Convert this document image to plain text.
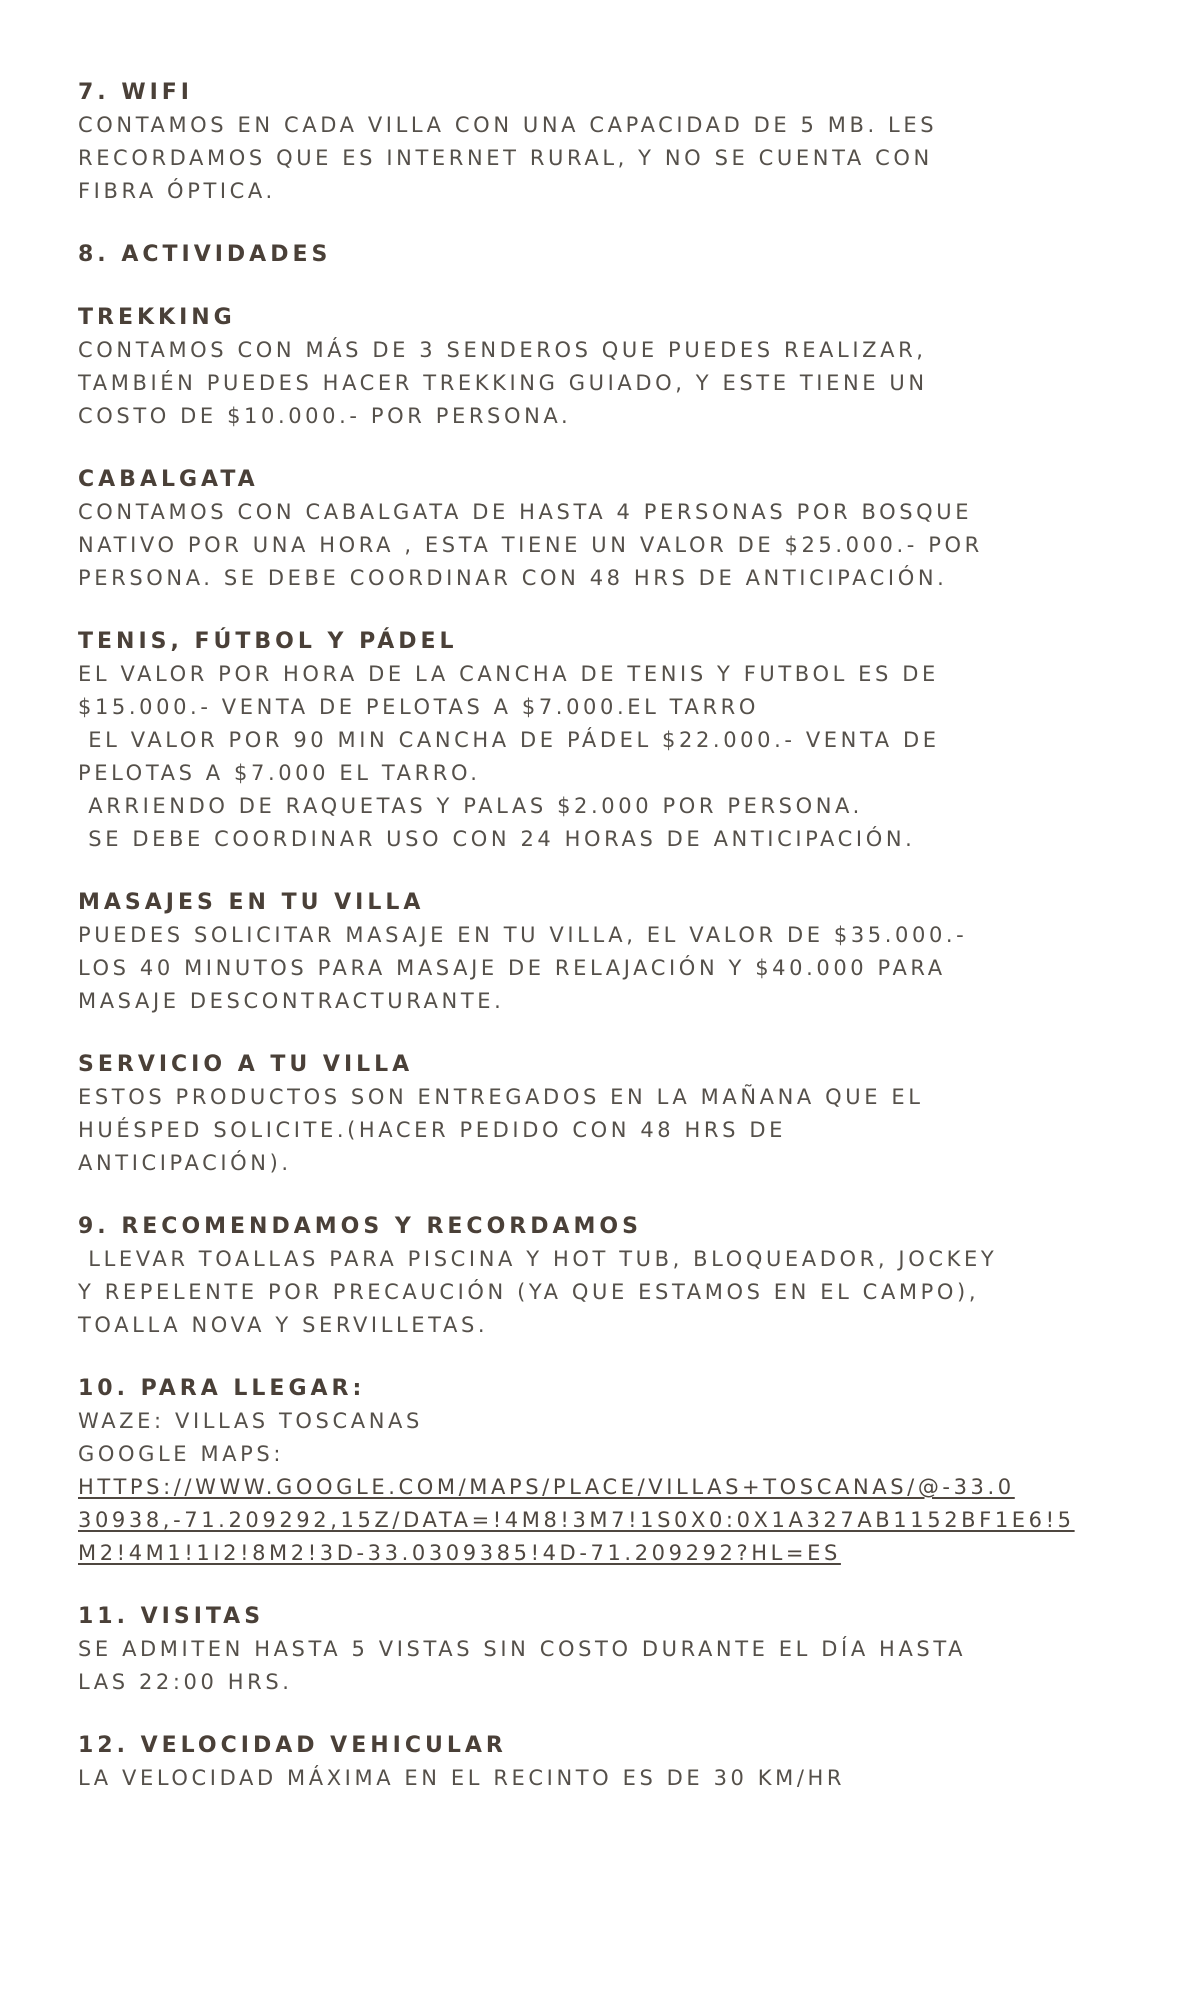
7. WIFI
CONTAMOS EN CADA VILLA CON UNA CAPACIDAD DE 5 MB. LES
RECORDAMOS QUE ES INTERNET RURAL, Y NO SE CUENTA CON
FIBRA ÓPTICA.
8. ACTIVIDADES
TREKKING
CONTAMOS CON MÁS DE 3 SENDEROS QUE PUEDES REALIZAR,
TAMBIÉN PUEDES HACER TREKKING GUIADO, Y ESTE TIENE UN
COSTO DE $10.000.- POR PERSONA.
CABALGATA
CONTAMOS CON CABALGATA DE HASTA 4 PERSONAS POR BOSQUE
NATIVO POR UNA HORA , ESTA TIENE UN VALOR DE $25.000.- POR
PERSONA. SE DEBE COORDINAR CON 48 HRS DE ANTICIPACIÓN.
TENIS, FÚTBOL Y PÁDEL
EL VALOR POR HORA DE LA CANCHA DE TENIS Y FUTBOL ES DE
$15.000.- VENTA DE PELOTAS A $7.000.EL TARRO
EL VALOR POR 90 MIN CANCHA DE PÁDEL $22.000.- VENTA DE
PELOTAS A $7.000 EL TARRO.
ARRIENDO DE RAQUETAS Y PALAS $2.000 POR PERSONA.
SE DEBE COORDINAR USO CON 24 HORAS DE ANTICIPACIÓN.
MASAJES EN TU VILLA
PUEDES SOLICITAR MASAJE EN TU VILLA, EL VALOR DE $35.000.-
LOS 40 MINUTOS PARA MASAJE DE RELAJACIÓN Y $40.000 PARA
MASAJE DESCONTRACTURANTE.
SERVICIO A TU VILLA
ESTOS PRODUCTOS SON ENTREGADOS EN LA MAÑANA QUE EL
HUÉSPED SOLICITE.(HACER PEDIDO CON 48 HRS DE
ANTICIPACIÓN).
9. RECOMENDAMOS Y RECORDAMOS
LLEVAR TOALLAS PARA PISCINA Y HOT TUB, BLOQUEADOR, JOCKEY
Y REPELENTE POR PRECAUCIÓN (YA QUE ESTAMOS EN EL CAMPO),
TOALLA NOVA Y SERVILLETAS.
10. PARA LLEGAR:
WAZE: VILLAS TOSCANAS
GOOGLE MAPS:
HTTPS://WWW.GOOGLE.COM/MAPS/PLACE/VILLAS+TOSCANAS/@-33.0
30938,-71.209292,15Z/DATA=!4M8!3M7!1S0X0:0X1A327AB1152BF1E6!5
M2!4M1!1I2!8M2!3D-33.0309385!4D-71.209292?HL=ES
11. VISITAS
SE ADMITEN HASTA 5 VISTAS SIN COSTO DURANTE EL DÍA HASTA
LAS 22:00 HRS.
12. VELOCIDAD VEHICULAR
LA VELOCIDAD MÁXIMA EN EL RECINTO ES DE 30 KM/HR
